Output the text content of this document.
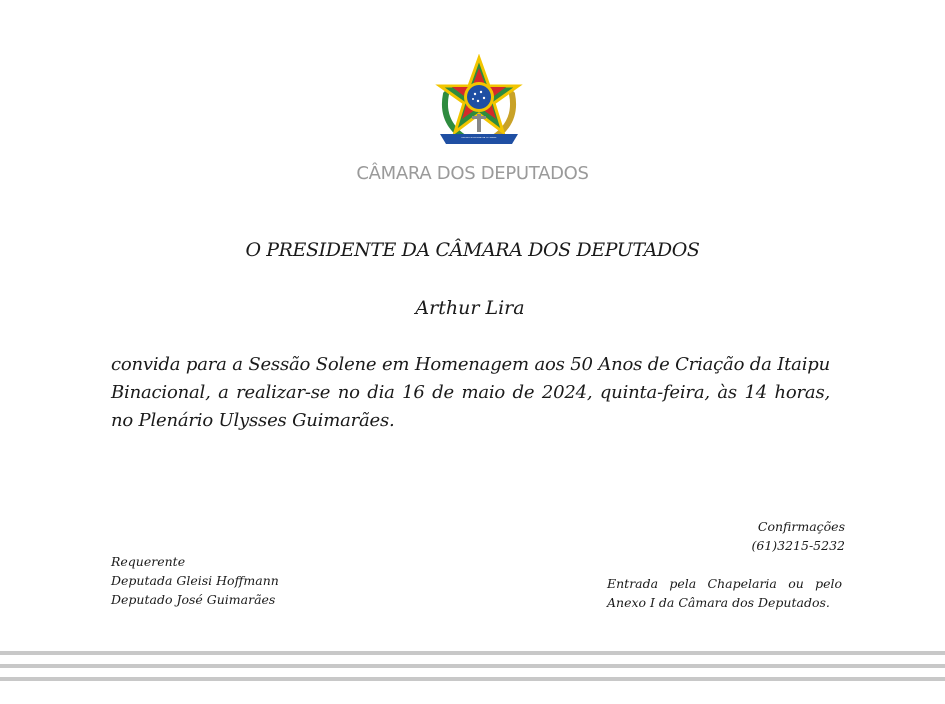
REPÚBLICA FEDERATIVA DO BRASIL
CÂMARA DOS DEPUTADOS
O PRESIDENTE DA CÂMARA DOS DEPUTADOS
Arthur Lira
convida para a Sessão Solene em Homenagem aos 50 Anos de Criação da Itaipu Binacional, a realizar-se no dia 16 de maio de 2024, quinta-feira, às 14 horas, no Plenário Ulysses Guimarães.
Requerente
Deputada Gleisi Hoffmann
Deputado José Guimarães
Confirmações
(61)3215-5232
Entrada pela Chapelaria ou pelo
Anexo I da Câmara dos Deputados.
